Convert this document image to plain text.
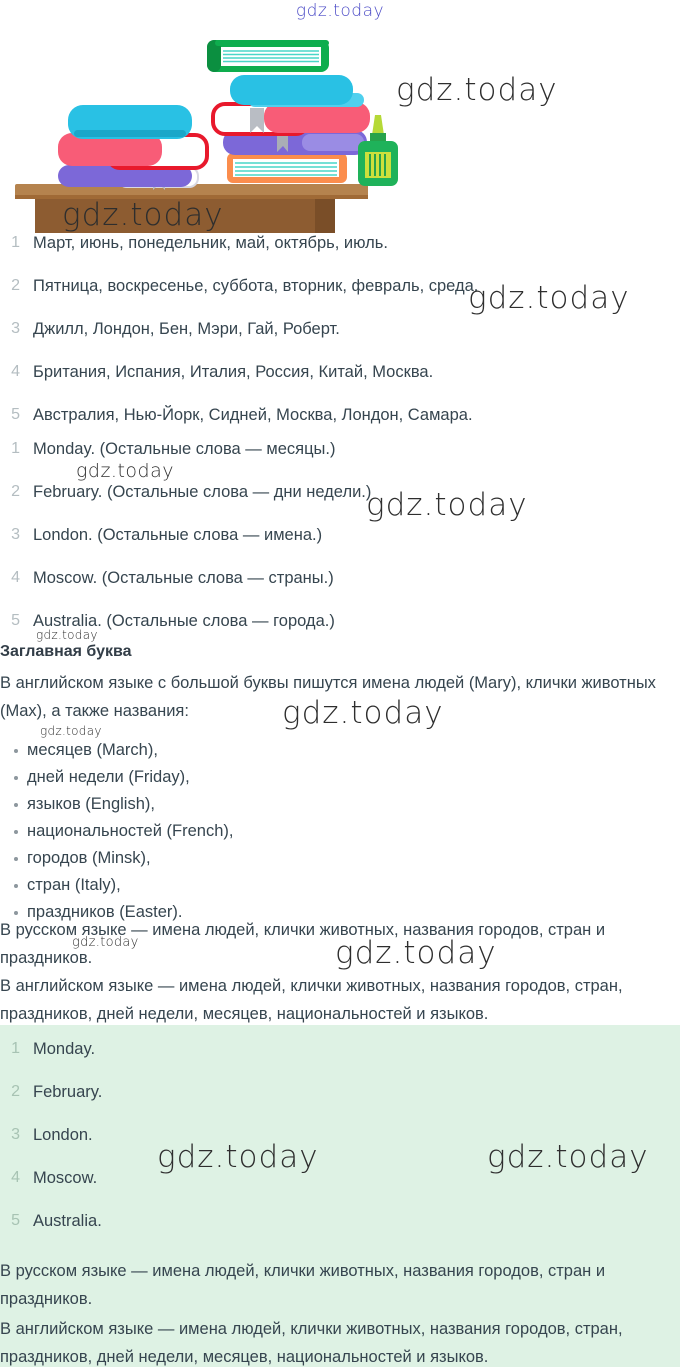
gdz.today
gdz.today
gdz.today
gdz.today
gdz.today
gdz.today
gdz.today
gdz.today	gdz.today
gdz.today	gdz.today
gdz.today	gdz.today
1 Март, июнь, понедельник, май, октябрь, июль.
2 Пятница, воскресенье, суббота, вторник, февраль, среда.
3 Джилл, Лондон, Бен, Мэри, Гай, Роберт.
4 Британия, Испания, Италия, Россия, Китай, Москва.
5 Австралия, Нью-Йорк, Сидней, Москва, Лондон, Самара.
1 Monday. (Остальные слова — месяцы.)
2 February. (Остальные слова — дни недели.)
3 London. (Остальные слова — имена.)
4 Moscow. (Остальные слова — страны.)
5 Australia. (Остальные слова — города.)
Заглавная буква

В английском языке с большой буквы пишутся имена людей (Mary), клички животных (Max), а также названия:

месяцев (March),
дней недели (Friday),
языков (English),
национальностей (French),
городов (Minsk),
стран (Italy),
праздников (Easter).

В русском языке — имена людей, клички животных, названия городов, стран и праздников.

В английском языке — имена людей, клички животных, названия городов, стран, праздников, дней недели, месяцев, национальностей и языков.

1 Monday.
2 February.
3 London.
4 Moscow.
5 Australia.

В русском языке — имена людей, клички животных, названия городов, стран и праздников.

В английском языке — имена людей, клички животных, названия городов, стран, праздников, дней недели, месяцев, национальностей и языков.
